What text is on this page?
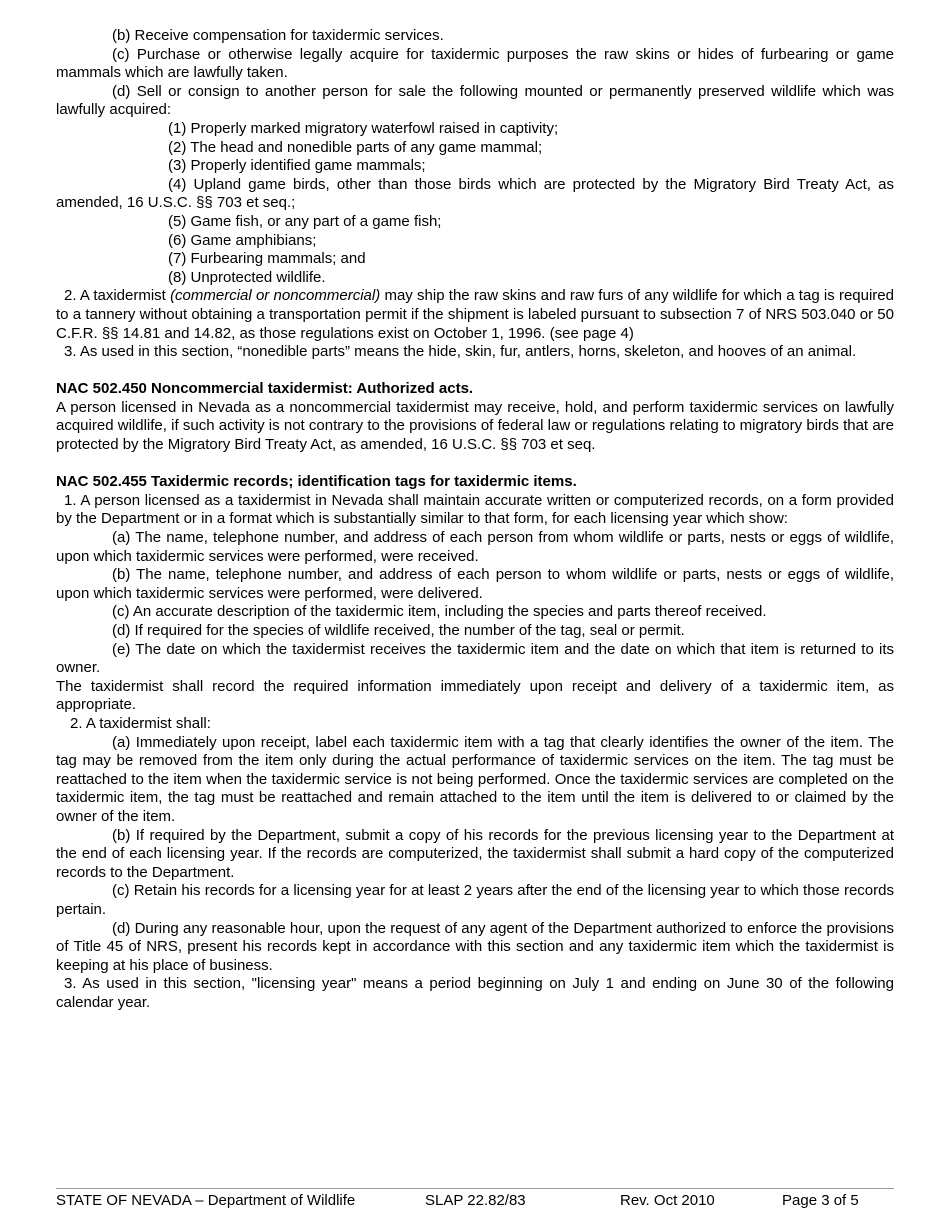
(b) Receive compensation for taxidermic services.

(c) Purchase or otherwise legally acquire for taxidermic purposes the raw skins or hides of furbearing or game mammals which are lawfully taken.

(d) Sell or consign to another person for sale the following mounted or permanently preserved wildlife which was lawfully acquired:

(1) Properly marked migratory waterfowl raised in captivity;

(2) The head and nonedible parts of any game mammal;

(3) Properly identified game mammals;

(4) Upland game birds, other than those birds which are protected by the Migratory Bird Treaty Act, as amended, 16 U.S.C. §§ 703 et seq.;

(5) Game fish, or any part of a game fish;

(6) Game amphibians;

(7) Furbearing mammals; and

(8) Unprotected wildlife.

2. A taxidermist (commercial or noncommercial) may ship the raw skins and raw furs of any wildlife for which a tag is required to a tannery without obtaining a transportation permit if the shipment is labeled pursuant to subsection 7 of NRS 503.040 or 50 C.F.R. §§ 14.81 and 14.82, as those regulations exist on October 1, 1996. (see page 4)

3. As used in this section, “nonedible parts” means the hide, skin, fur, antlers, horns, skeleton, and hooves of an animal.

NAC 502.450 Noncommercial taxidermist: Authorized acts.

A person licensed in Nevada as a noncommercial taxidermist may receive, hold, and perform taxidermic services on lawfully acquired wildlife, if such activity is not contrary to the provisions of federal law or regulations relating to migratory birds that are protected by the Migratory Bird Treaty Act, as amended, 16 U.S.C. §§ 703 et seq.

NAC 502.455 Taxidermic records; identification tags for taxidermic items.

1. A person licensed as a taxidermist in Nevada shall maintain accurate written or computerized records, on a form provided by the Department or in a format which is substantially similar to that form, for each licensing year which show:

(a) The name, telephone number, and address of each person from whom wildlife or parts, nests or eggs of wildlife, upon which taxidermic services were performed, were received.

(b) The name, telephone number, and address of each person to whom wildlife or parts, nests or eggs of wildlife, upon which taxidermic services were performed, were delivered.

(c) An accurate description of the taxidermic item, including the species and parts thereof received.

(d) If required for the species of wildlife received, the number of the tag, seal or permit.

(e) The date on which the taxidermist receives the taxidermic item and the date on which that item is returned to its owner.

The taxidermist shall record the required information immediately upon receipt and delivery of a taxidermic item, as appropriate.

2. A taxidermist shall:

(a) Immediately upon receipt, label each taxidermic item with a tag that clearly identifies the owner of the item. The tag may be removed from the item only during the actual performance of taxidermic services on the item. The tag must be reattached to the item when the taxidermic service is not being performed. Once the taxidermic services are completed on the taxidermic item, the tag must be reattached and remain attached to the item until the item is delivered to or claimed by the owner of the item.

(b) If required by the Department, submit a copy of his records for the previous licensing year to the Department at the end of each licensing year. If the records are computerized, the taxidermist shall submit a hard copy of the computerized records to the Department.

(c) Retain his records for a licensing year for at least 2 years after the end of the licensing year to which those records pertain.

(d) During any reasonable hour, upon the request of any agent of the Department authorized to enforce the provisions of Title 45 of NRS, present his records kept in accordance with this section and any taxidermic item which the taxidermist is keeping at his place of business.

3. As used in this section, "licensing year" means a period beginning on July 1 and ending on June 30 of the following calendar year.

STATE OF NEVADA – Department of Wildlife	SLAP 22.82/83	Rev. Oct 2010	Page 3 of 5
